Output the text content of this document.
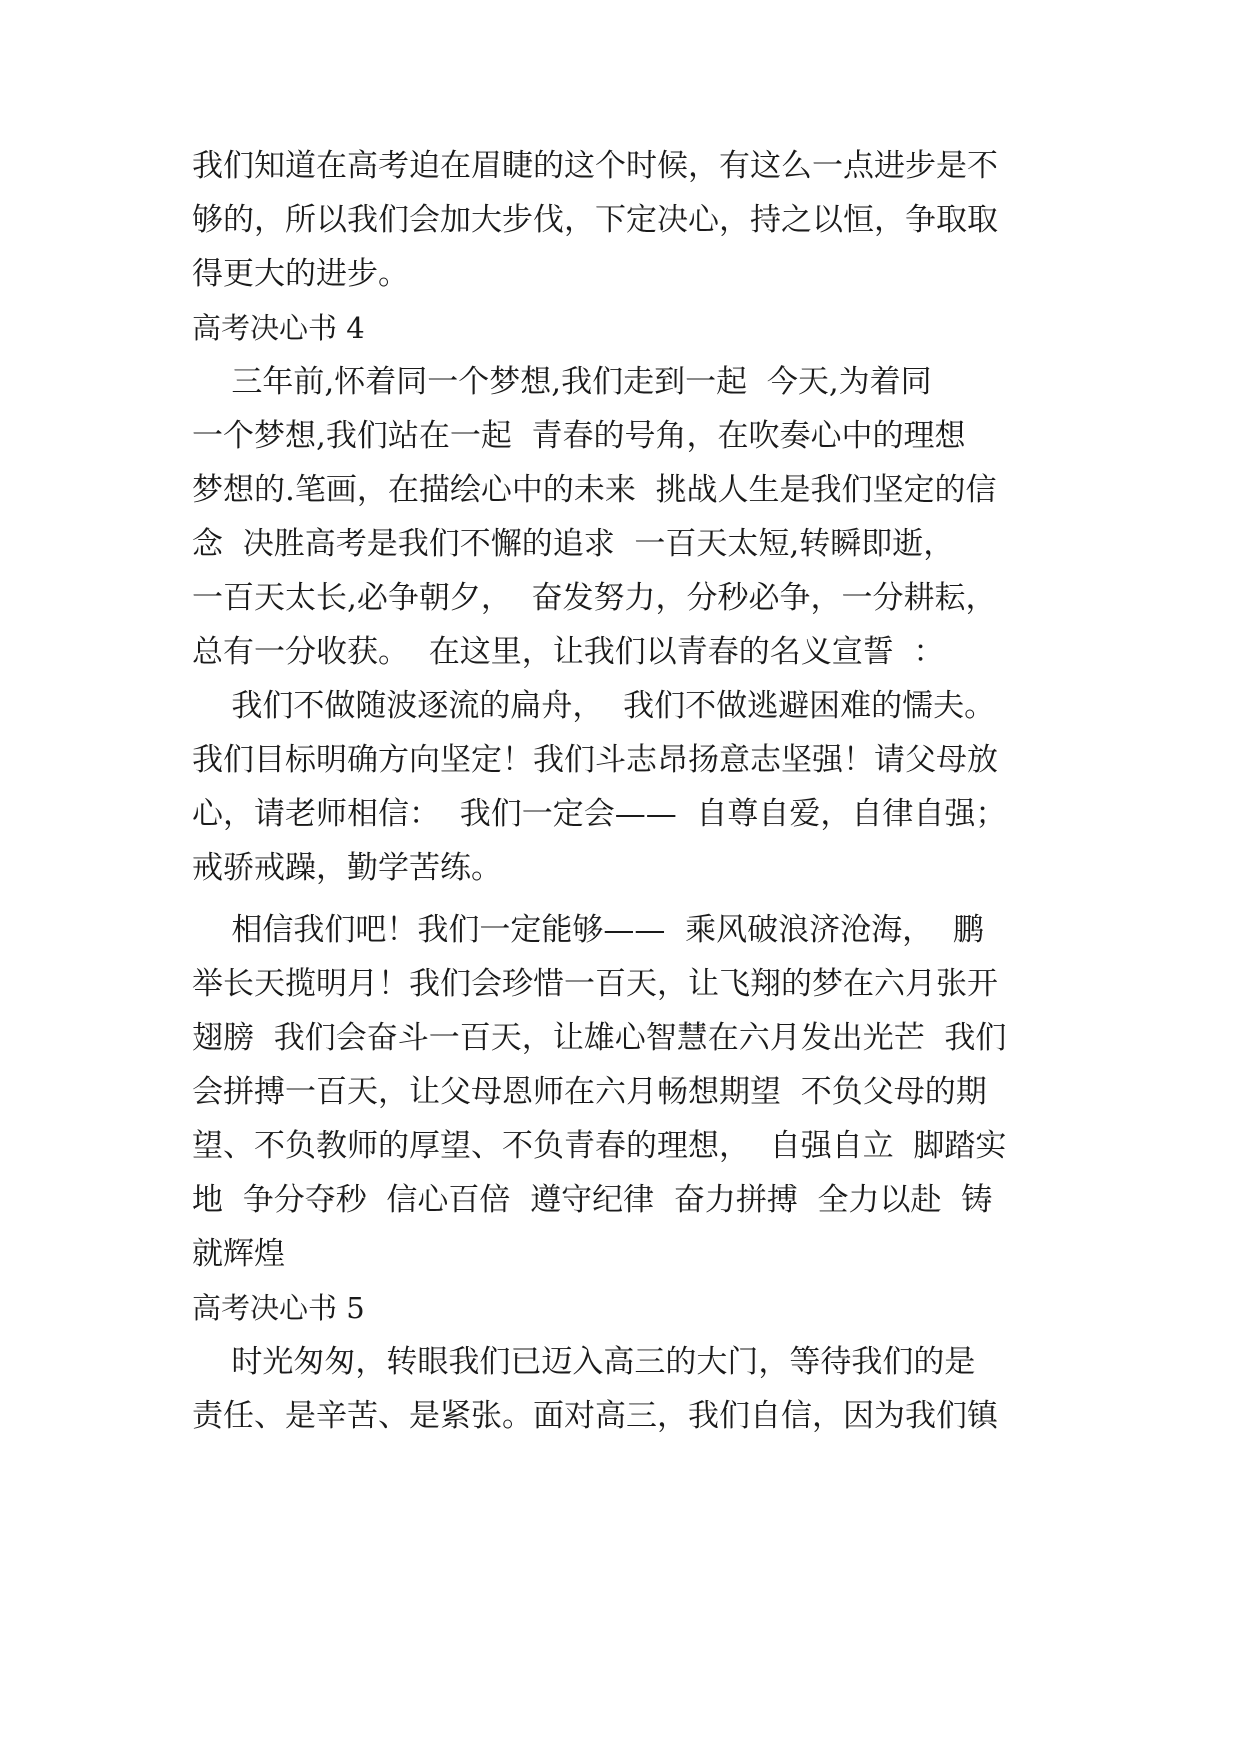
我们知道在高考迫在眉睫的这个时候，有这么一点进步是不
够的，所以我们会加大步伐，下定决心，持之以恒，争取取
得更大的进步。
高考决心书 4
三年前,怀着同一个梦想,我们走到一起  今天,为着同
一个梦想,我们站在一起  青春的号角，在吹奏心中的理想
梦想的.笔画，在描绘心中的未来  挑战人生是我们坚定的信
念  决胜高考是我们不懈的追求  一百天太短,转瞬即逝，
一百天太长,必争朝夕，  奋发努力，分秒必争，一分耕耘，
总有一分收获。  在这里，让我们以青春的名义宣誓  ：
我们不做随波逐流的扁舟，  我们不做逃避困难的懦夫。
我们目标明确方向坚定！我们斗志昂扬意志坚强！请父母放
心，请老师相信：  我们一定会——  自尊自爱，自律自强；
戒骄戒躁，勤学苦练。
相信我们吧！我们一定能够——  乘风破浪济沧海，  鹏
举长天揽明月！我们会珍惜一百天，让飞翔的梦在六月张开
翅膀  我们会奋斗一百天，让雄心智慧在六月发出光芒  我们
会拼搏一百天，让父母恩师在六月畅想期望  不负父母的期
望、不负教师的厚望、不负青春的理想，  自强自立  脚踏实
地  争分夺秒  信心百倍  遵守纪律  奋力拼搏  全力以赴  铸
就辉煌
高考决心书 5
时光匆匆，转眼我们已迈入高三的大门，等待我们的是
责任、是辛苦、是紧张。面对高三，我们自信，因为我们镇
